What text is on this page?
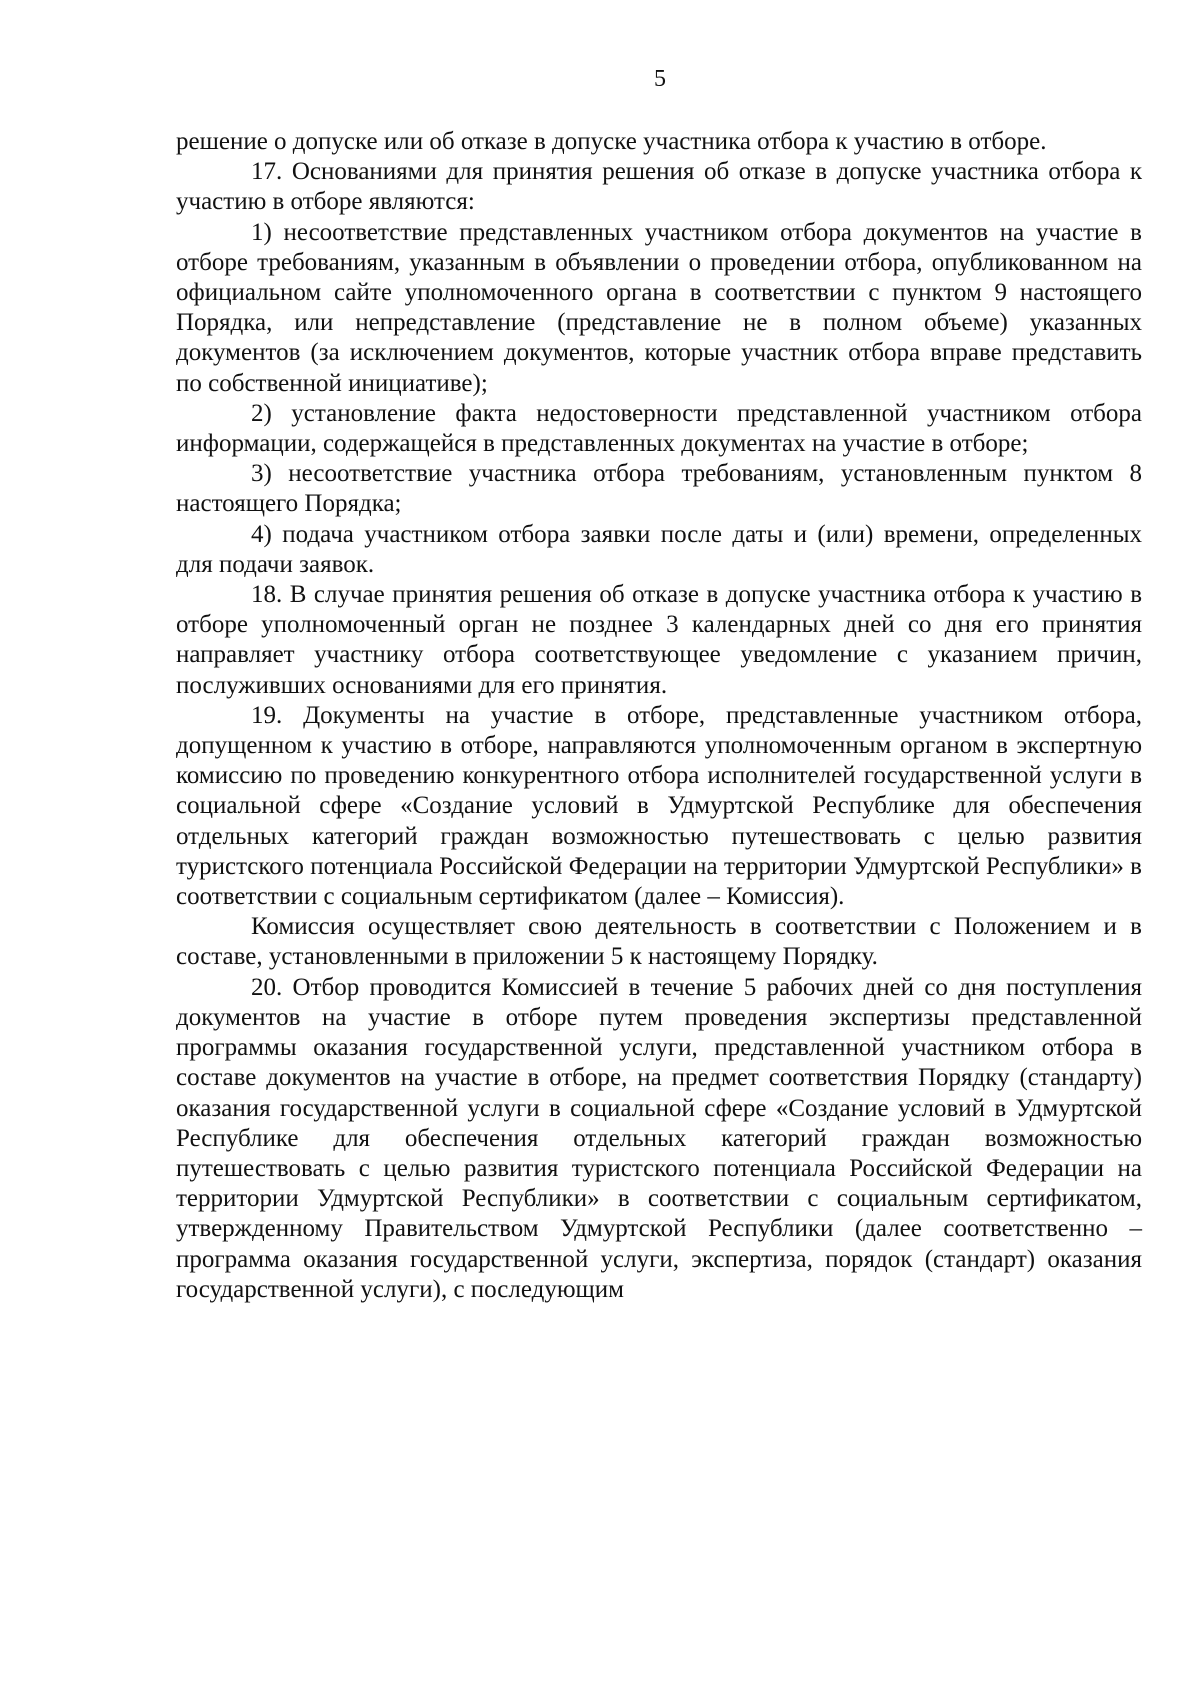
5

решение о допуске или об отказе в допуске участника отбора к участию в отборе.

17. Основаниями для принятия решения об отказе в допуске участника отбора к участию в отборе являются:

1) несоответствие представленных участником отбора документов на участие в отборе требованиям, указанным в объявлении о проведении отбора, опубликованном на официальном сайте уполномоченного органа в соответствии с пунктом 9 настоящего Порядка, или непредставление (представление не в полном объеме) указанных документов (за исключением документов, которые участник отбора вправе представить по собственной инициативе);

2) установление факта недостоверности представленной участником отбора информации, содержащейся в представленных документах на участие в отборе;

3) несоответствие участника отбора требованиям, установленным пунктом 8 настоящего Порядка;

4) подача участником отбора заявки после даты и (или) времени, определенных для подачи заявок.

18. В случае принятия решения об отказе в допуске участника отбора к участию в отборе уполномоченный орган не позднее 3 календарных дней со дня его принятия направляет участнику отбора соответствующее уведомление с указанием причин, послуживших основаниями для его принятия.

19. Документы на участие в отборе, представленные участником отбора, допущенном к участию в отборе, направляются уполномоченным органом в экспертную комиссию по проведению конкурентного отбора исполнителей государственной услуги в социальной сфере «Создание условий в Удмуртской Республике для обеспечения отдельных категорий граждан возможностью путешествовать с целью развития туристского потенциала Российской Федерации на территории Удмуртской Республики» в соответствии с социальным сертификатом (далее – Комиссия).

Комиссия осуществляет свою деятельность в соответствии с Положением и в составе, установленными в приложении 5 к настоящему Порядку.

20. Отбор проводится Комиссией в течение 5 рабочих дней со дня поступления документов на участие в отборе путем проведения экспертизы представленной программы оказания государственной услуги, представленной участником отбора в составе документов на участие в отборе, на предмет соответствия Порядку (стандарту) оказания государственной услуги в социальной сфере «Создание условий в Удмуртской Республике для обеспечения отдельных категорий граждан возможностью путешествовать с целью развития туристского потенциала Российской Федерации на территории Удмуртской Республики» в соответствии с социальным сертификатом, утвержденному Правительством Удмуртской Республики (далее соответственно – программа оказания государственной услуги, экспертиза, порядок (стандарт) оказания государственной услуги), с последующим
